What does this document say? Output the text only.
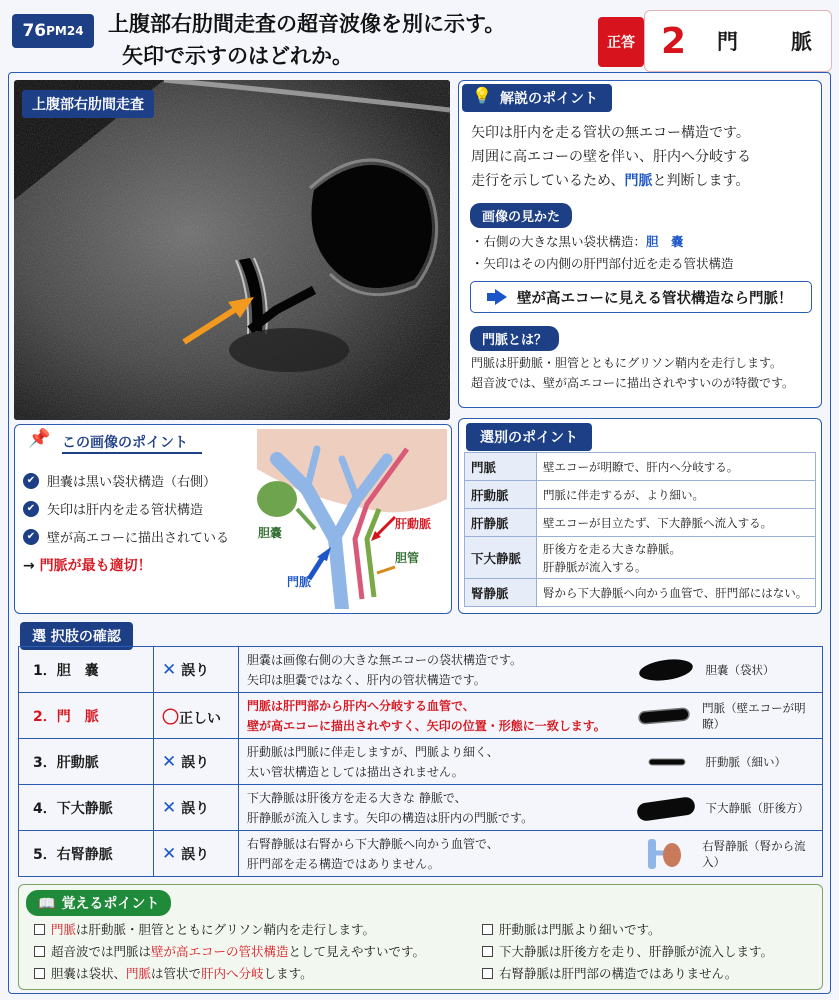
76 PM24 上腹部右肋間走査の超音波像を別に示す。
矢印で示すのはどれか。
正答 2	門　脈
上腹部右肋間走査

矢印は肝内を走る管状の無エコー構造です。

周囲に高エコーの壁を伴い、肝内へ分岐する

走行を示しているため、門脈と判断します。

・右側の大きな黒い袋状構造：胆　嚢
・矢印はその内側の肝門部付近を走る管状構造
門脈は肝動脈・胆管とともにグリソン鞘内を走行します。
超音波では、壁が高エコーに描出されやすいのが特徴です。
💡 解説のポイント
画像の見かた
壁が高エコーに見える管状構造なら門脈！
門脈とは？
✔ 胆嚢は黒い袋状構造（右側）
✔ 矢印は肝内を走る管状構造
✔ 壁が高エコーに描出されている
→ 門脈が最も適切！
胆嚢
門脈
肝動脈
胆管
📌 この画像のポイント	選別のポイント
門脈	壁エコーが明瞭で、肝内へ分岐する。
肝動脈	門脈に伴走するが、より細い。
肝静脈	壁エコーが目立たず、下大静脈へ流入する。
下大静脈	肝後方を走る大きな静脈。
肝静脈が流入する。

腎静脈	腎から下大静脈へ向かう血管で、肝門部にはない。
選 択肢の確認
1．胆　嚢	✕ 誤り	胆嚢は画像右側の大きな無エコーの袋状構造です。
矢印は胆嚢ではなく、肝内の管状構造です。	胆嚢（袋状）

2．門　脈	〇正しい	門脈は肝門部から肝内へ分岐する血管で、
壁が高エコーに描出されやすく、矢印の位置・形態に一致します。	門脈（壁エコーが明瞭）

3．肝動脈	✕ 誤り	肝動脈は門脈に伴走しますが、門脈より細く、
太い管状構造としては描出されません。	肝動脈（細い）

4．下大静脈	✕ 誤り	下大静脈は肝後方を走る大きな 静脈で、
肝静脈が流入します。矢印の構造は肝内の門脈です。	下大静脈（肝後方）

5．右腎静脈	✕ 誤り	右腎静脈は右腎から下大静脈へ向かう血管で、
肝門部を走る構造ではありません。	右腎静脈（腎から流入）
📖 覚えるポイント
門脈 は肝動脈・胆管とともにグリソン鞘内を走行します。
超音波では門脈は 壁が高エコーの管状構造 として見えやすいです。
胆嚢は袋状、 門脈 は管状で 肝内へ分岐 します。
肝動脈は門脈より細いです。
下大静脈は肝後方を走り、肝静脈が流入します。
右腎静脈は肝門部の構造ではありません。
